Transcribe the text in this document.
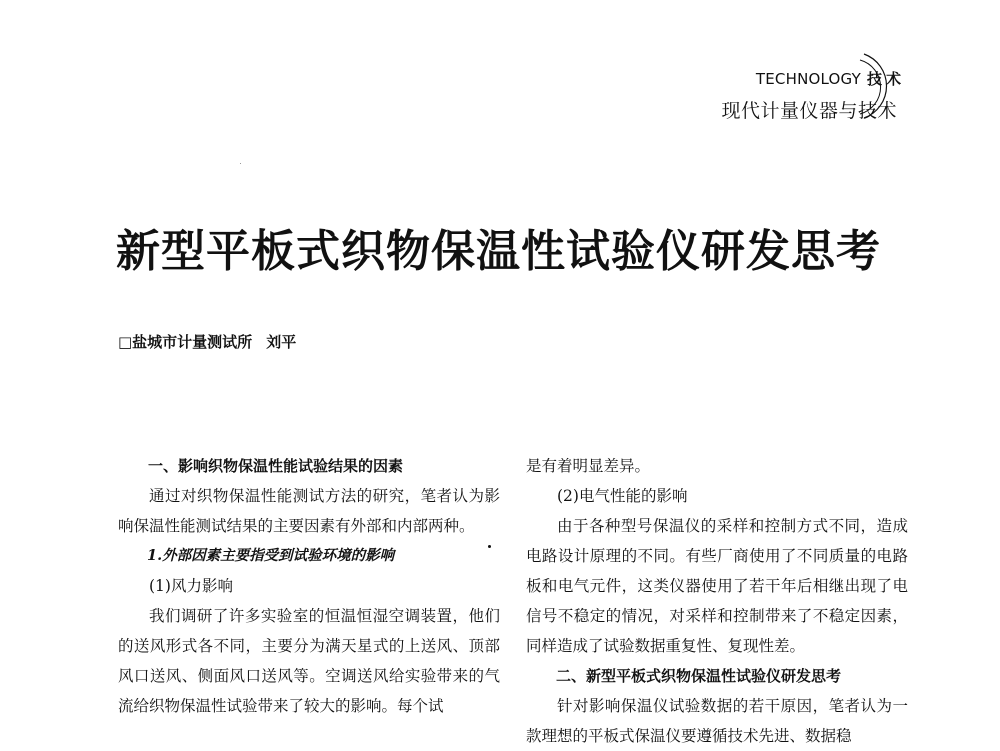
TECHNOLOGY 技术
现代计量仪器与技术
新型平板式织物保温性试验仪研发思考
□盐城市计量测试所 刘平

一、影响织物保温性能试验结果的因素

通过对织物保温性能测试方法的研究，笔者认为影响保温性能测试结果的主要因素有外部和内部两种。

1.外部因素主要指受到试验环境的影响

(1)风力影响

我们调研了许多实验室的恒温恒湿空调装置，他们的送风形式各不同，主要分为满天星式的上送风、顶部风口送风、侧面风口送风等。空调送风给实验带来的气流给织物保温性试验带来了较大的影响。每个试

是有着明显差异。

(2)电气性能的影响

由于各种型号保温仪的采样和控制方式不同，造成电路设计原理的不同。有些厂商使用了不同质量的电路板和电气元件，这类仪器使用了若干年后相继出现了电信号不稳定的情况，对采样和控制带来了不稳定因素，同样造成了试验数据重复性、复现性差。

二、新型平板式织物保温性试验仪研发思考

针对影响保温仪试验数据的若干原因，笔者认为一款理想的平板式保温仪要遵循技术先进、数据稳
